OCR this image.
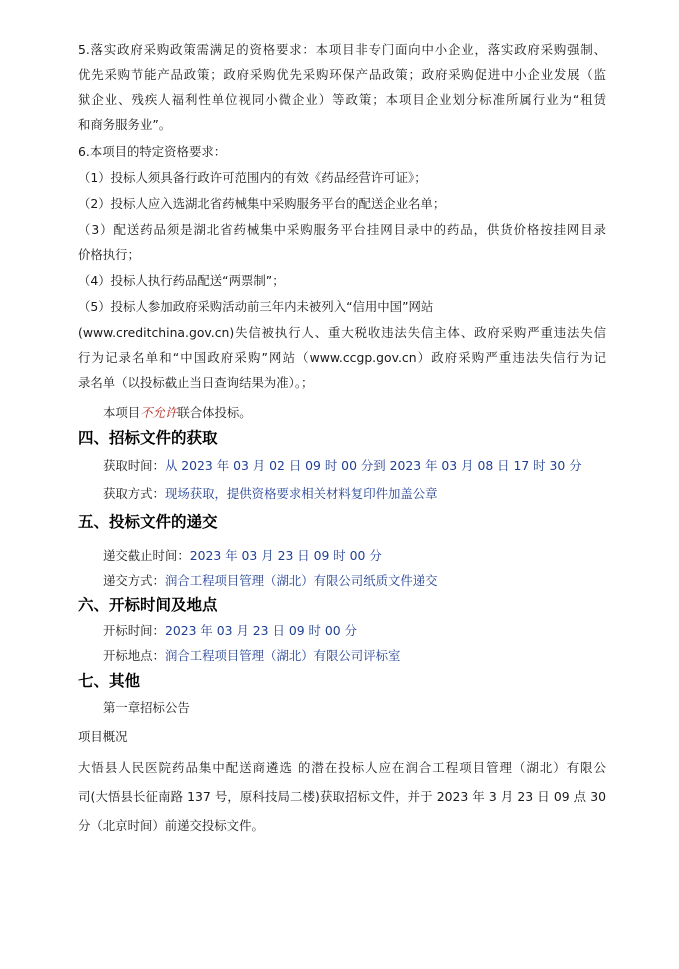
5.落实政府采购政策需满足的资格要求：本项目非专门面向中小企业，落实政府采购强制、

优先采购节能产品政策；政府采购优先采购环保产品政策；政府采购促进中小企业发展（监

狱企业、残疾人福利性单位视同小微企业）等政策；本项目企业划分标准所属行业为“租赁

和商务服务业”。

6.本项目的特定资格要求：

（1）投标人须具备行政许可范围内的有效《药品经营许可证》；

（2）投标人应入选湖北省药械集中采购服务平台的配送企业名单；

（3）配送药品须是湖北省药械集中采购服务平台挂网目录中的药品，供货价格按挂网目录

价格执行；

（4）投标人执行药品配送“两票制”；

（5）投标人参加政府采购活动前三年内未被列入“信用中国”网站

(www.creditchina.gov.cn)失信被执行人、重大税收违法失信主体、政府采购严重违法失信

行为记录名单和“中国政府采购”网站（www.ccgp.gov.cn）政府采购严重违法失信行为记

录名单（以投标截止当日查询结果为准）。；

本项目不允许联合体投标。

四、招标文件的获取

获取时间：从 2023 年 03 月 02 日 09 时 00 分到 2023 年 03 月 08 日 17 时 30 分

获取方式：现场获取，提供资格要求相关材料复印件加盖公章

五、投标文件的递交

递交截止时间：2023 年 03 月 23 日 09 时 00 分

递交方式：润合工程项目管理（湖北）有限公司纸质文件递交

六、开标时间及地点

开标时间：2023 年 03 月 23 日 09 时 00 分

开标地点：润合工程项目管理（湖北）有限公司评标室

七、其他

第一章招标公告

项目概况

大悟县人民医院药品集中配送商遴选 的潜在投标人应在润合工程项目管理（湖北）有限公

司(大悟县长征南路 137 号，原科技局二楼)获取招标文件，并于 2023 年 3 月 23 日 09 点 30

分（北京时间）前递交投标文件。
